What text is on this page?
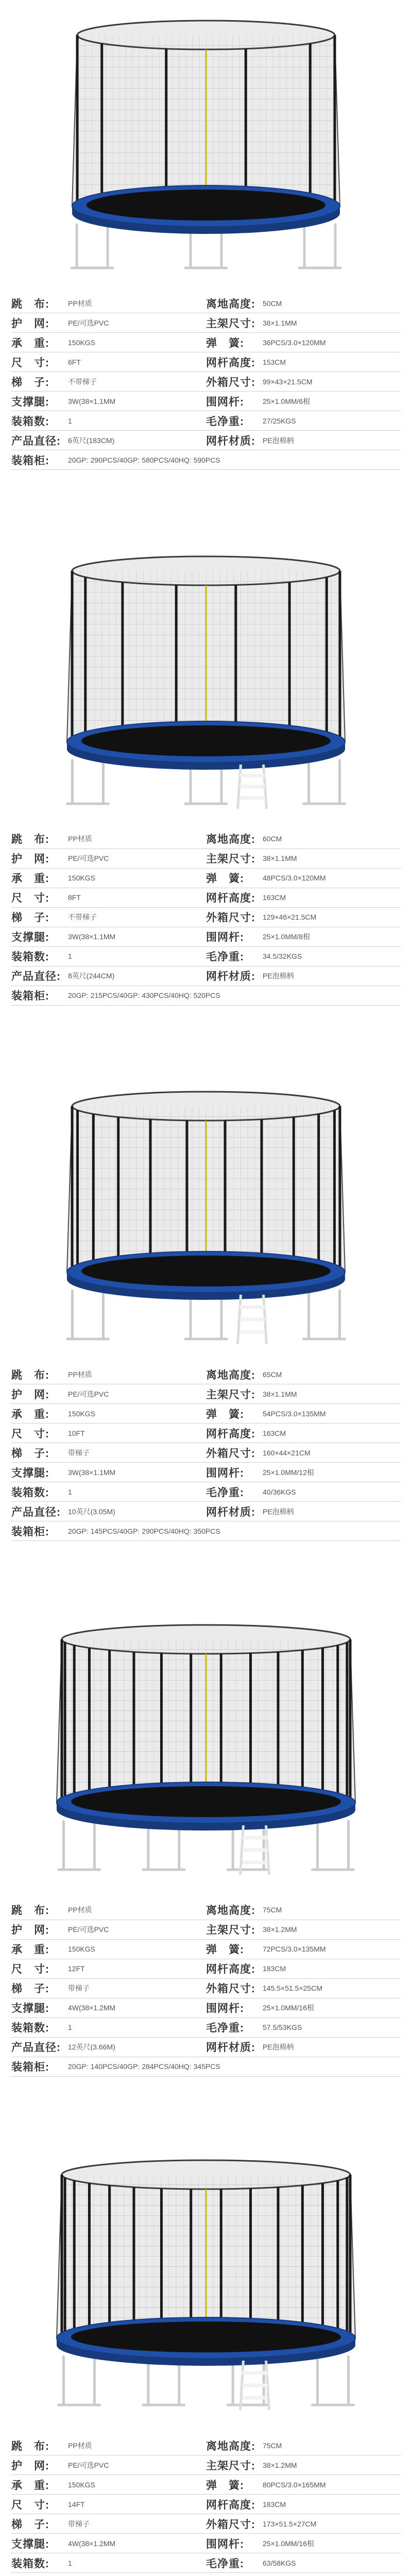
跳　布:	PP材质	离地高度:	50CM
护　网:	PE/可选PVC	主架尺寸:	38×1.1MM
承　重:	150KGS	弹　簧:	36PCS/3.0×120MM
尺　寸:	6FT	网杆高度:	153CM
梯　子:	不带梯子	外箱尺寸:	99×43×21.5CM
支撑腿:	3W(38×1.1MM	围网杆:	25×1.0MM/6根
装箱数:	1	毛净重:	27/25KGS
产品直径:	6英尺(183CM)	网杆材质:	PE泡棉柄
装箱柜:	20GP: 290PCS/40GP: 580PCS/40HQ: 590PCS
跳　布:	PP材质	离地高度:	60CM
护　网:	PE/可选PVC	主架尺寸:	38×1.1MM
承　重:	150KGS	弹　簧:	48PCS/3.0×120MM
尺　寸:	8FT	网杆高度:	163CM
梯　子:	不带梯子	外箱尺寸:	129×46×21.5CM
支撑腿:	3W(38×1.1MM	围网杆:	25×1.0MM/8根
装箱数:	1	毛净重:	34.5/32KGS
产品直径:	8英尺(244CM)	网杆材质:	PE泡棉柄
装箱柜:	20GP: 215PCS/40GP: 430PCS/40HQ: 520PCS
跳　布:	PP材质	离地高度:	65CM
护　网:	PE/可选PVC	主架尺寸:	38×1.1MM
承　重:	150KGS	弹　簧:	54PCS/3.0×135MM
尺　寸:	10FT	网杆高度:	163CM
梯　子:	带梯子	外箱尺寸:	160×44×21CM
支撑腿:	3W(38×1.1MM	围网杆:	25×1.0MM/12根
装箱数:	1	毛净重:	40/36KGS
产品直径:	10英尺(3.05M)	网杆材质:	PE泡棉柄
装箱柜:	20GP: 145PCS/40GP: 290PCS/40HQ: 350PCS
跳　布:	PP材质	离地高度:	75CM
护　网:	PE/可选PVC	主架尺寸:	38×1.2MM
承　重:	150KGS	弹　簧:	72PCS/3.0×135MM
尺　寸:	12FT	网杆高度:	183CM
梯　子:	带梯子	外箱尺寸:	145.5×51.5×25CM
支撑腿:	4W(38×1.2MM	围网杆:	25×1.0MM/16根
装箱数:	1	毛净重:	57.5/53KGS
产品直径:	12英尺(3.66M)	网杆材质:	PE泡棉柄
装箱柜:	20GP: 140PCS/40GP: 284PCS/40HQ: 345PCS
跳　布:	PP材质	离地高度:	75CM
护　网:	PE/可选PVC	主架尺寸:	38×1.2MM
承　重:	150KGS	弹　簧:	80PCS/3.0×165MM
尺　寸:	14FT	网杆高度:	183CM
梯　子:	带梯子	外箱尺寸:	173×51.5×27CM
支撑腿:	4W(38×1.2MM	围网杆:	25×1.0MM/16根
装箱数:	1	毛净重:	63/58KGS
